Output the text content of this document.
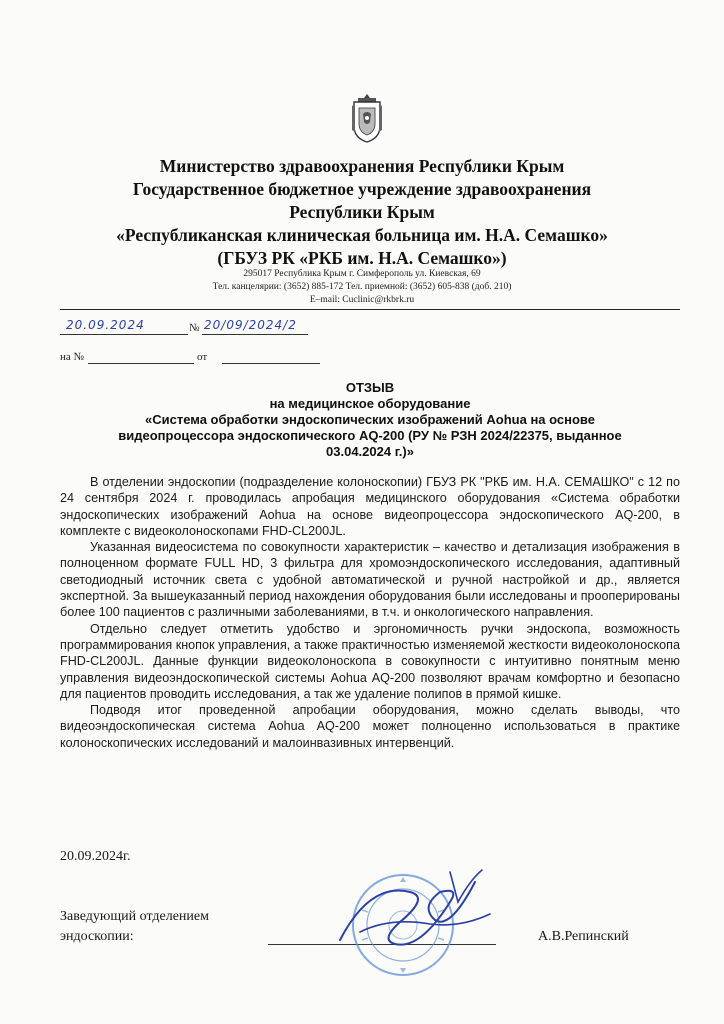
Министерство здравоохранения Республики Крым
Государственное бюджетное учреждение здравоохранения
Республики Крым
«Республиканская клиническая больница им. Н.А. Семашко»
(ГБУЗ РК «РКБ им. Н.А. Семашко»)
295017 Республика Крым г. Симферополь ул. Киевская, 69
Тел. канцелярии: (3652) 885-172 Тел. приемной: (3652) 605-838 (доб. 210)
E–mail: Cuclinic@rkbrk.ru
20.09.2024	№ 20/09/2024/2
на №	от
ОТЗЫВ
на медицинское оборудование
«Система обработки эндоскопических изображений Aohua на основе
видеопроцессора эндоскопического AQ-200 (РУ № РЗН 2024/22375, выданное
03.04.2024 г.)»

В отделении эндоскопии (подразделение колоноскопии) ГБУЗ РК "РКБ им. Н.А. СЕМАШКО" с 12 по 24 сентября 2024 г. проводилась апробация медицинского оборудования «Система обработки эндоскопических изображений Aohua на основе видеопроцессора эндоскопического AQ-200, в комплекте с видеоколоноскопами FHD-CL200JL.

Указанная видеосистема по совокупности характеристик – качество и детализация изображения в полноценном формате FULL HD, 3 фильтра для хромоэндоскопического исследования, адаптивный светодиодный источник света с удобной автоматической и ручной настройкой и др., является экспертной. За вышеуказанный период нахождения оборудования были исследованы и прооперированы более 100 пациентов с различными заболеваниями, в т.ч. и онкологического направления.

Отдельно следует отметить удобство и эргономичность ручки эндоскопа, возможность программирования кнопок управления, а также практичностью изменяемой жесткости видеоколоноскопа FHD-CL200JL. Данные функции видеоколоноскопа в совокупности с интуитивно понятным меню управления видеоэндоскопической системы Aohua AQ-200 позволяют врачам комфортно и безопасно для пациентов проводить исследования, а так же удаление полипов в прямой кишке.

Подводя итог проведенной апробации оборудования, можно сделать выводы, что видеоэндоскопическая система Aohua AQ-200 может полноценно использоваться в практике колоноскопических исследований и малоинвазивных интервенций.

20.09.2024г.
Заведующий отделением
эндоскопии:	А.В.Репинский
